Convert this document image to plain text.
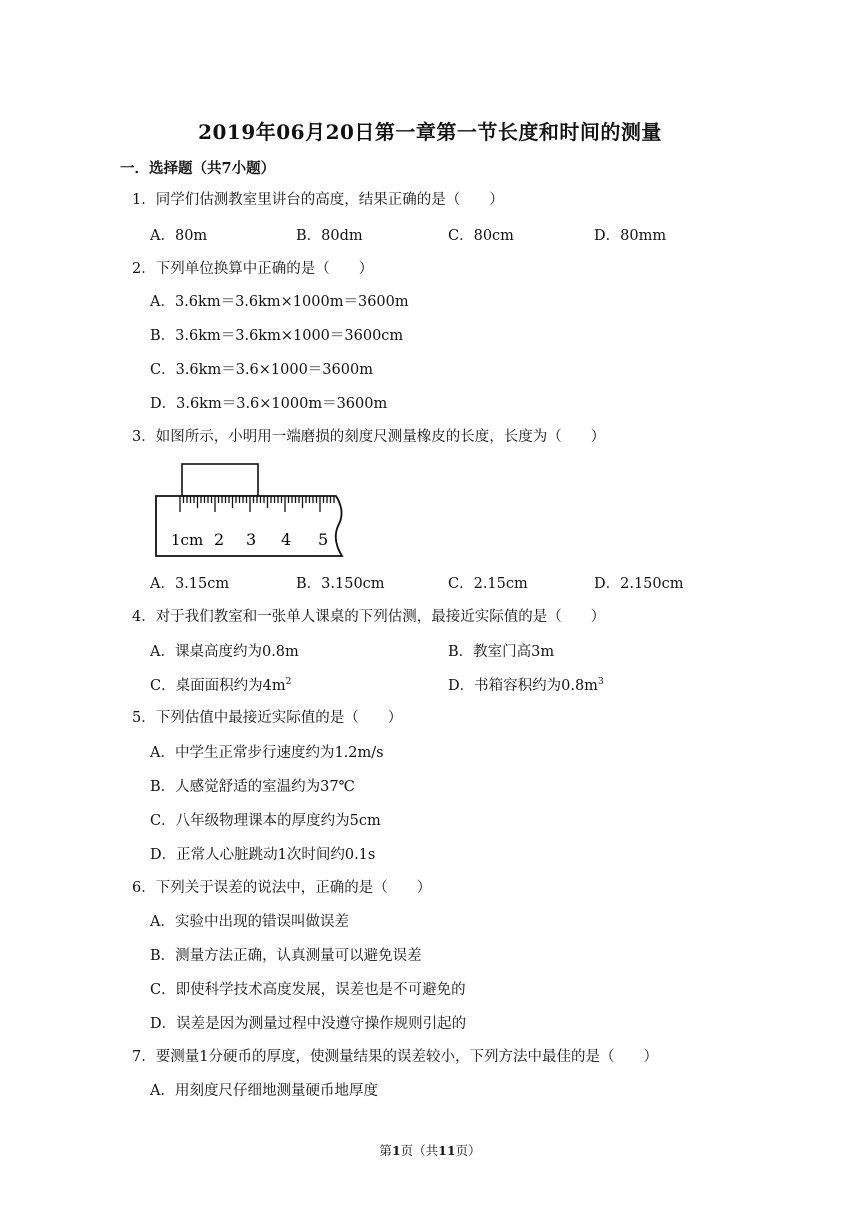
2019年06月20日第一章第一节长度和时间的测量
一．选择题（共7小题）
1．同学们估测教室里讲台的高度，结果正确的是（　　）
A．80m	B．80dm	C．80cm	D．80mm
2．下列单位换算中正确的是（　　）
A．3.6km＝3.6km×1000m＝3600m
B．3.6km＝3.6km×1000＝3600cm
C．3.6km＝3.6×1000＝3600m
D．3.6km＝3.6×1000m＝3600m
3．如图所示，小明用一端磨损的刻度尺测量橡皮的长度，长度为（　　）
1cm 2 3 4 5
A．3.15cm	B．3.150cm	C．2.15cm	D．2.150cm
4．对于我们教室和一张单人课桌的下列估测，最接近实际值的是（　　）
A．课桌高度约为0.8m	B．教室门高3m
C．桌面面积约为$4m^2$	D．书箱容积约为$0.8m^3$
5．下列估值中最接近实际值的是（　　）
A．中学生正常步行速度约为1.2m/s
B．人感觉舒适的室温约为37℃
C．八年级物理课本的厚度约为5cm
D．正常人心脏跳动1次时间约0.1s
6．下列关于误差的说法中，正确的是（　　）
A．实验中出现的错误叫做误差
B．测量方法正确，认真测量可以避免误差
C．即使科学技术高度发展，误差也是不可避免的
D．误差是因为测量过程中没遵守操作规则引起的
7．要测量1分硬币的厚度，使测量结果的误差较小，下列方法中最佳的是（　　）
A．用刻度尺仔细地测量硬币地厚度
第1页（共11页）
